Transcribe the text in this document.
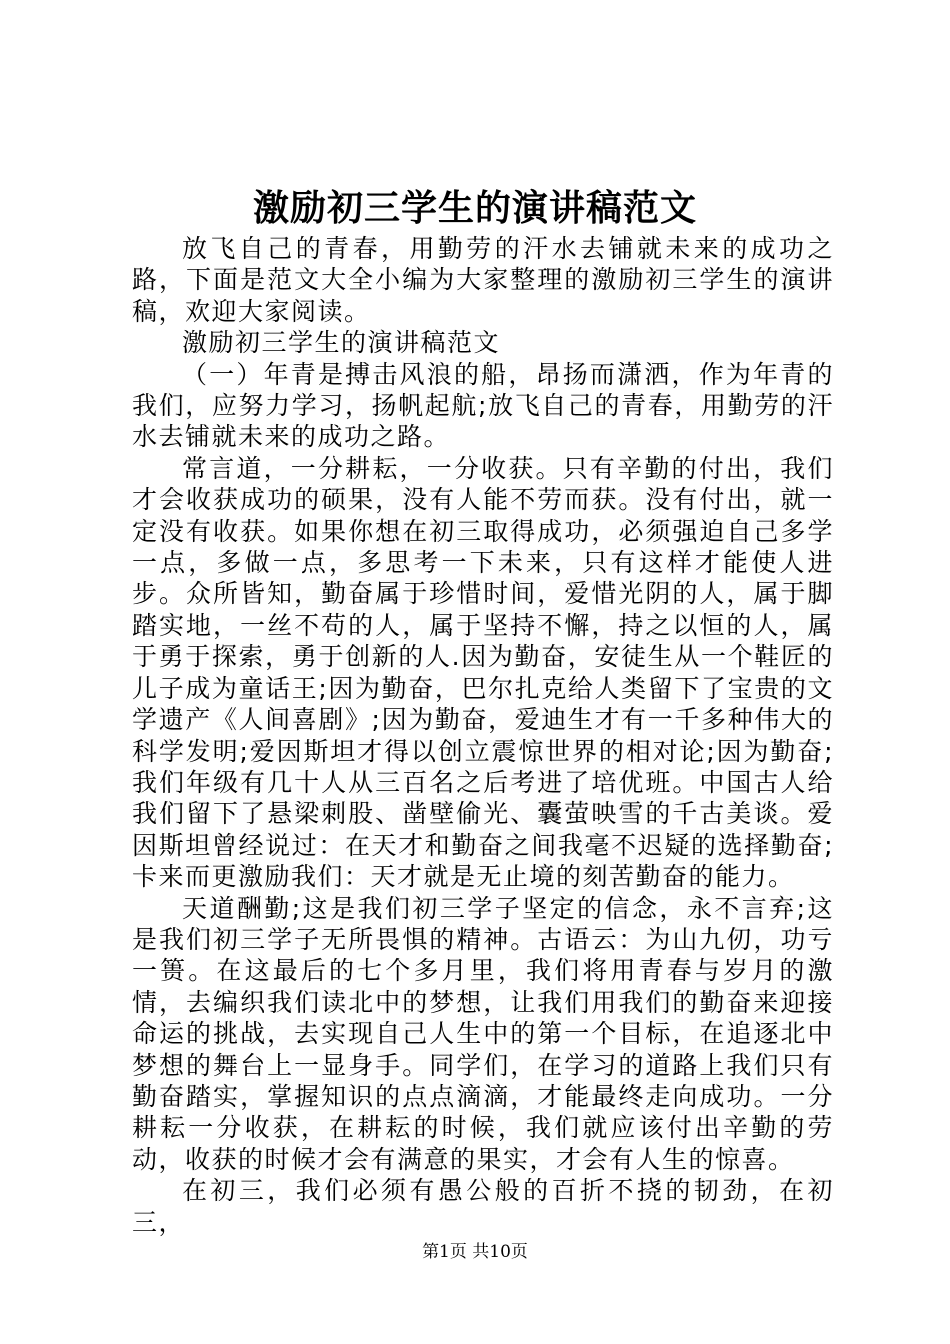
激励初三学生的演讲稿范文

放飞自己的青春，用勤劳的汗水去铺就未来的成功之路，下面是范文大全小编为大家整理的激励初三学生的演讲稿，欢迎大家阅读。

激励初三学生的演讲稿范文

（一）年青是搏击风浪的船，昂扬而潇洒，作为年青的我们，应努力学习，扬帆起航;放飞自己的青春，用勤劳的汗水去铺就未来的成功之路。

常言道，一分耕耘，一分收获。只有辛勤的付出，我们才会收获成功的硕果，没有人能不劳而获。没有付出，就一定没有收获。如果你想在初三取得成功，必须强迫自己多学一点，多做一点，多思考一下未来，只有这样才能使人进步。众所皆知，勤奋属于珍惜时间，爱惜光阴的人，属于脚踏实地，一丝不苟的人，属于坚持不懈，持之以恒的人，属于勇于探索，勇于创新的人.因为勤奋，安徒生从一个鞋匠的儿子成为童话王;因为勤奋，巴尔扎克给人类留下了宝贵的文学遗产《人间喜剧》;因为勤奋，爱迪生才有一千多种伟大的科学发明;爱因斯坦才得以创立震惊世界的相对论;因为勤奋;我们年级有几十人从三百名之后考进了培优班。中国古人给我们留下了悬梁刺股、凿壁偷光、囊萤映雪的千古美谈。爱因斯坦曾经说过：在天才和勤奋之间我毫不迟疑的选择勤奋;卡来而更激励我们：天才就是无止境的刻苦勤奋的能力。

天道酬勤;这是我们初三学子坚定的信念，永不言弃;这是我们初三学子无所畏惧的精神。古语云：为山九仞，功亏一篑。在这最后的七个多月里，我们将用青春与岁月的激情，去编织我们读北中的梦想，让我们用我们的勤奋来迎接命运的挑战，去实现自己人生中的第一个目标，在追逐北中梦想的舞台上一显身手。同学们，在学习的道路上我们只有勤奋踏实，掌握知识的点点滴滴，才能最终走向成功。一分耕耘一分收获，在耕耘的时候，我们就应该付出辛勤的劳动，收获的时候才会有满意的果实，才会有人生的惊喜。

在初三，我们必须有愚公般的百折不挠的韧劲，在初三，

第1页 共10页
